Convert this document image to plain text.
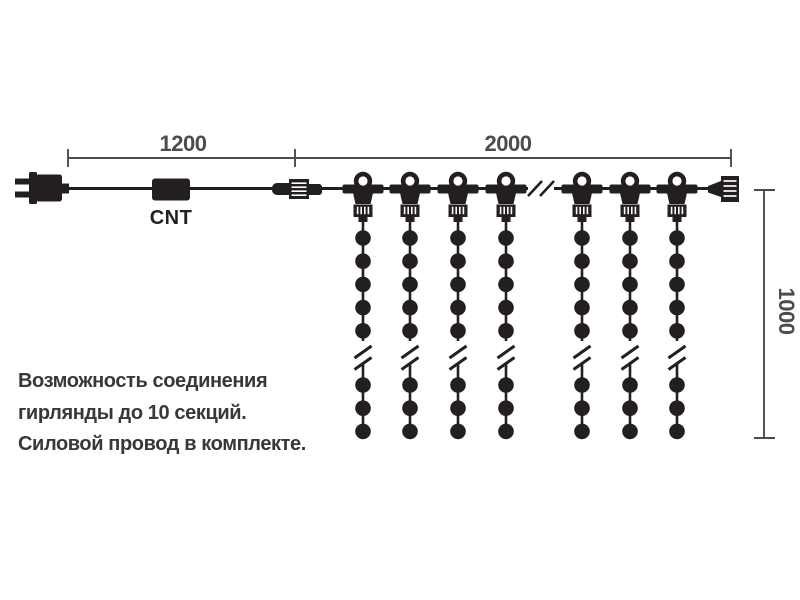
1200	2000
1000
CNT
Возможность соединения
гирлянды до 10 секций.
Силовой провод в комплекте.
